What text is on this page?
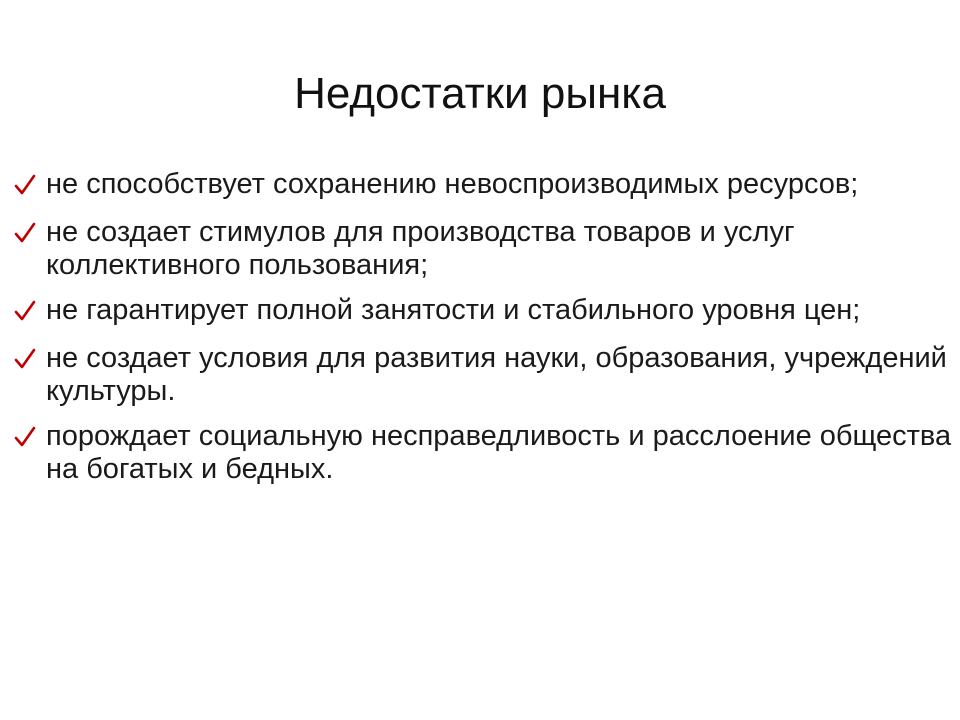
Недостатки рынка
не способствует сохранению невоспроизводимых ресурсов;
не создает стимулов для производства товаров и услуг коллективного пользования;
не гарантирует полной занятости и стабильного уровня цен;
не создает условия для развития науки, образования, учреждений культуры.
порождает социальную несправедливость и расслоение общества на богатых и бедных.
